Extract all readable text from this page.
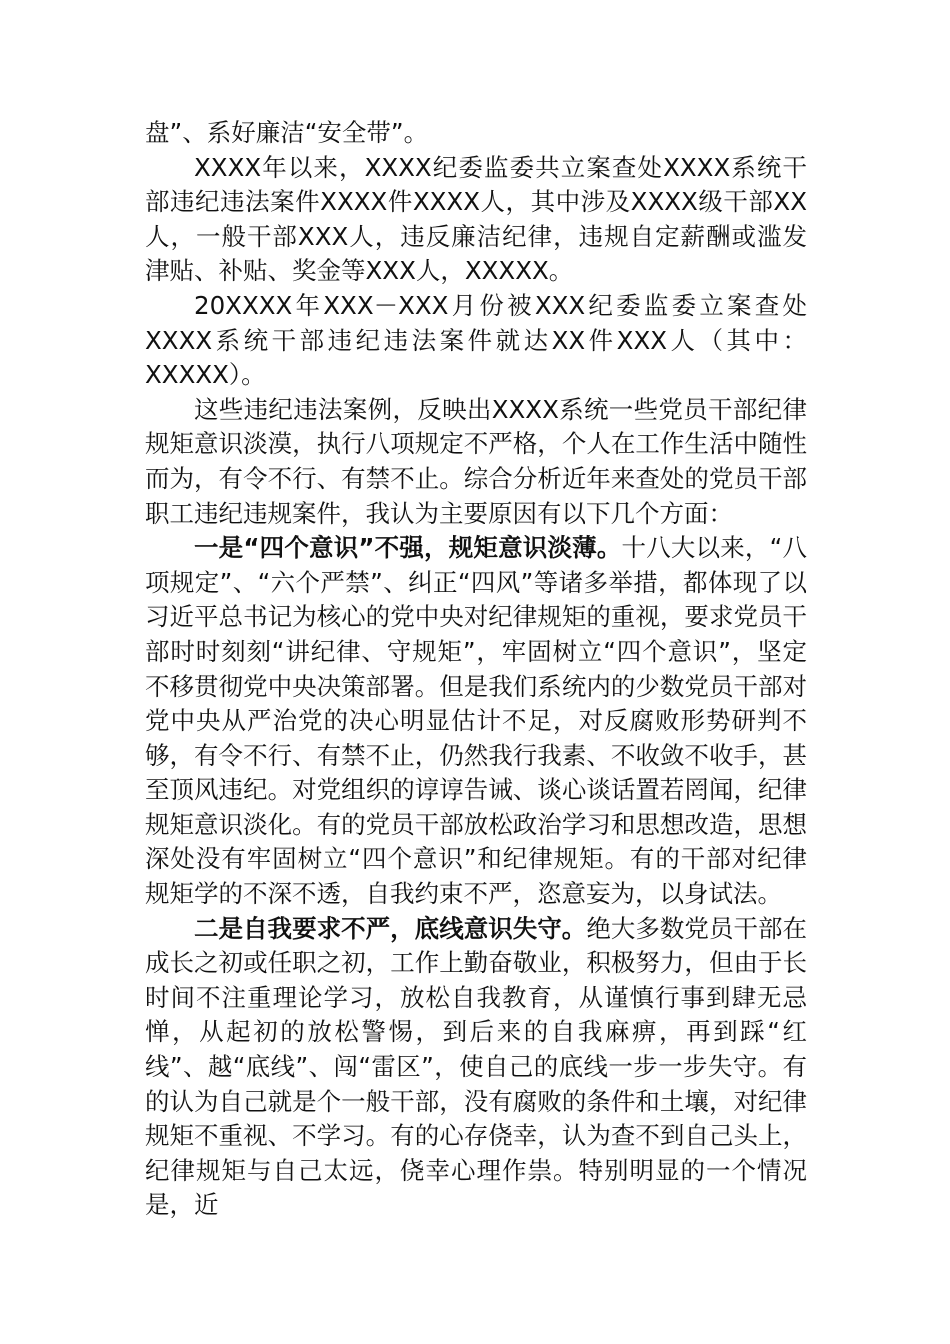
盘”、系好廉洁“安全带”。

XXXX年以来，XXXX纪委监委共立案查处XXXX系统干部违纪违法案件XXXX件XXXX人，其中涉及XXXX级干部XX人，一般干部XXX人，违反廉洁纪律，违规自定薪酬或滥发津贴、补贴、奖金等XXX人，XXXXX。

20XXXX年XXX－XXX月份被XXX纪委监委立案查处XXXX系统干部违纪违法案件就达XX件XXX人（其中：XXXXX）。

这些违纪违法案例，反映出XXXX系统一些党员干部纪律规矩意识淡漠，执行八项规定不严格，个人在工作生活中随性而为，有令不行、有禁不止。综合分析近年来查处的党员干部职工违纪违规案件，我认为主要原因有以下几个方面：

一是“四个意识”不强，规矩意识淡薄。十八大以来，“八项规定”、“六个严禁”、纠正“四风”等诸多举措，都体现了以习近平总书记为核心的党中央对纪律规矩的重视，要求党员干部时时刻刻“讲纪律、守规矩”，牢固树立“四个意识”，坚定不移贯彻党中央决策部署。但是我们系统内的少数党员干部对党中央从严治党的决心明显估计不足，对反腐败形势研判不够，有令不行、有禁不止，仍然我行我素、不收敛不收手，甚至顶风违纪。对党组织的谆谆告诫、谈心谈话置若罔闻，纪律规矩意识淡化。有的党员干部放松政治学习和思想改造，思想深处没有牢固树立“四个意识”和纪律规矩。有的干部对纪律规矩学的不深不透，自我约束不严，恣意妄为，以身试法。

二是自我要求不严，底线意识失守。绝大多数党员干部在成长之初或任职之初，工作上勤奋敬业，积极努力，但由于长时间不注重理论学习，放松自我教育，从谨慎行事到肆无忌惮，从起初的放松警惕，到后来的自我麻痹，再到踩“红线”、越“底线”、闯“雷区”，使自己的底线一步一步失守。有的认为自己就是个一般干部，没有腐败的条件和土壤，对纪律规矩不重视、不学习。有的心存侥幸，认为查不到自己头上，纪律规矩与自己太远，侥幸心理作祟。特别明显的一个情况是，近
